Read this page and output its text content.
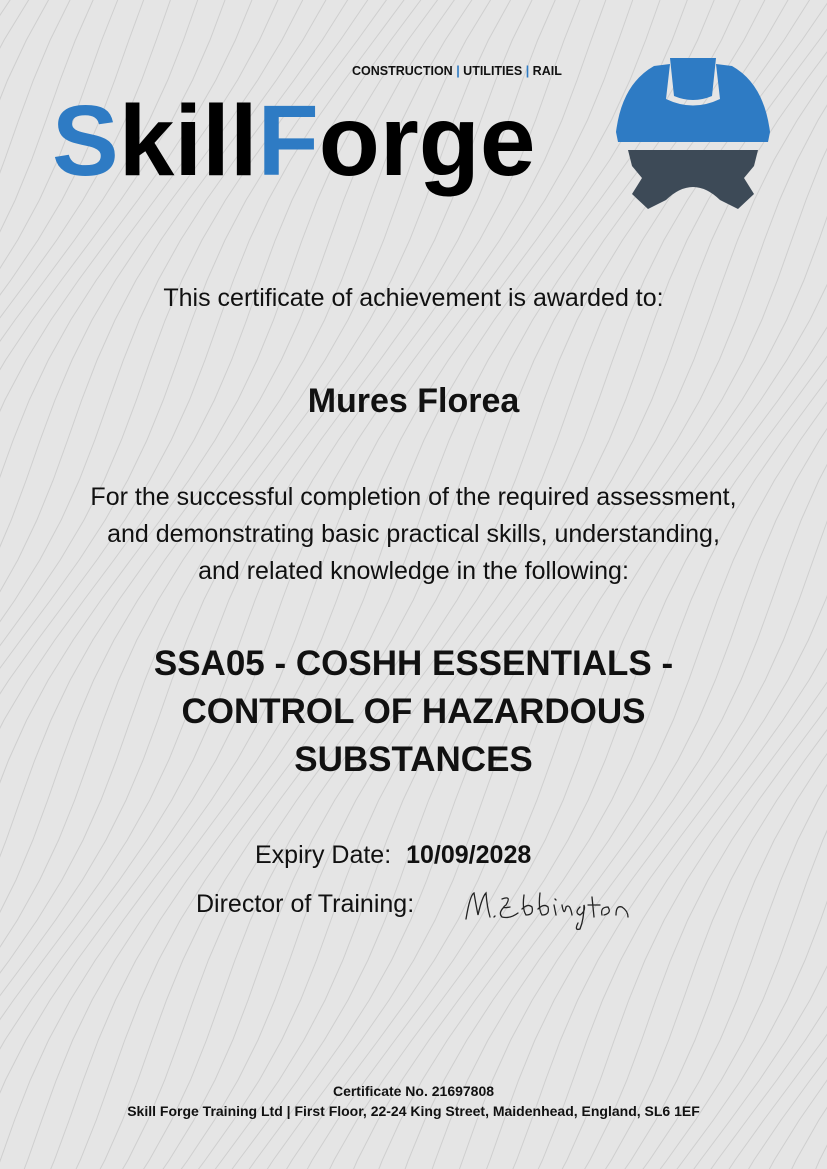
CONSTRUCTION | UTILITIES | RAIL
SkillForge
This certificate of achievement is awarded to:
Mures Florea
For the successful completion of the required assessment,
and demonstrating basic practical skills, understanding,
and related knowledge in the following:
SSA05 - COSHH ESSENTIALS -
CONTROL OF HAZARDOUS
SUBSTANCES
Expiry Date: 10/09/2028
Director of Training:
Certificate No. 21697808
Skill Forge Training Ltd | First Floor, 22-24 King Street, Maidenhead, England, SL6 1EF
